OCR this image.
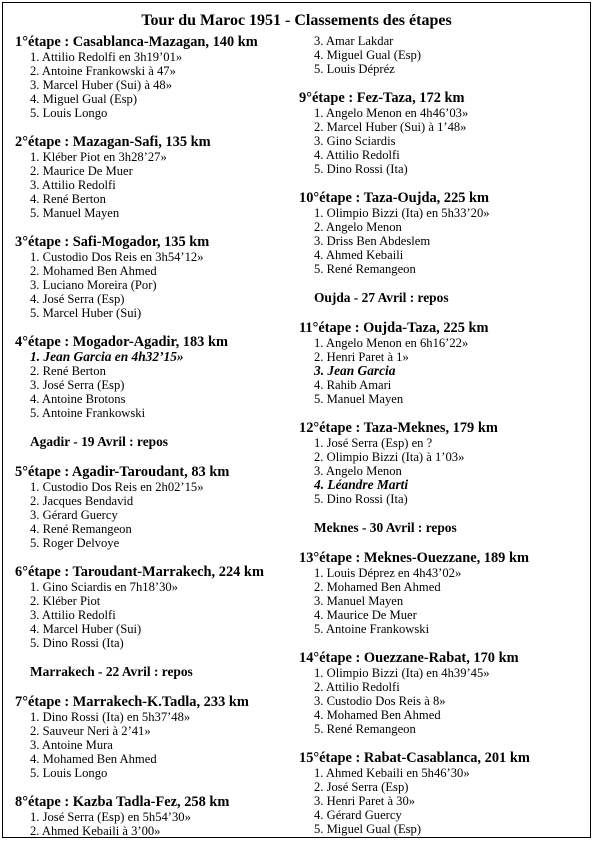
Tour du Maroc 1951 - Classements des étapes
1°étape : Casablanca-Mazagan, 140 km
1. Attilio Redolfi en 3h19’01»
2. Antoine Frankowski à 47»
3. Marcel Huber (Sui) à 48»
4. Miguel Gual (Esp)
5. Louis Longo
2°étape : Mazagan-Safi, 135 km
1. Kléber Piot en 3h28’27»
2. Maurice De Muer
3. Attilio Redolfi
4. René Berton
5. Manuel Mayen
3°étape : Safi-Mogador, 135 km
1. Custodio Dos Reis en 3h54’12»
2. Mohamed Ben Ahmed
3. Luciano Moreira (Por)
4. José Serra (Esp)
5. Marcel Huber (Sui)
4°étape : Mogador-Agadir, 183 km
1. Jean Garcia en 4h32’15»
2. René Berton
3. José Serra (Esp)
4. Antoine Brotons
5. Antoine Frankowski
Agadir - 19 Avril : repos
5°étape : Agadir-Taroudant, 83 km
1. Custodio Dos Reis en 2h02’15»
2. Jacques Bendavid
3. Gérard Guercy
4. René Remangeon
5. Roger Delvoye
6°étape : Taroudant-Marrakech, 224 km
1. Gino Sciardis en 7h18’30»
2. Kléber Piot
3. Attilio Redolfi
4. Marcel Huber (Sui)
5. Dino Rossi (Ita)
Marrakech - 22 Avril : repos
7°étape : Marrakech-K.Tadla, 233 km
1. Dino Rossi (Ita) en 5h37’48»
2. Sauveur Neri à 2’41»
3. Antoine Mura
4. Mohamed Ben Ahmed
5. Louis Longo
8°étape : Kazba Tadla-Fez, 258 km
1. José Serra (Esp) en 5h54’30»
2. Ahmed Kebaili à 3’00»
3. Amar Lakdar
4. Miguel Gual (Esp)
5. Louis Dépréz
9°étape : Fez-Taza, 172 km
1. Angelo Menon en 4h46’03»
2. Marcel Huber (Sui) à 1’48»
3. Gino Sciardis
4. Attilio Redolfi
5. Dino Rossi (Ita)
10°étape : Taza-Oujda, 225 km
1. Olimpio Bizzi (Ita) en 5h33’20»
2. Angelo Menon
3. Driss Ben Abdeslem
4. Ahmed Kebaili
5. René Remangeon
Oujda - 27 Avril : repos
11°étape : Oujda-Taza, 225 km
1. Angelo Menon en 6h16’22»
2. Henri Paret à 1»
3. Jean Garcia
4. Rahib Amari
5. Manuel Mayen
12°étape : Taza-Meknes, 179 km
1. José Serra (Esp) en ?
2. Olimpio Bizzi (Ita) à 1’03»
3. Angelo Menon
4. Léandre Marti
5. Dino Rossi (Ita)
Meknes - 30 Avril : repos
13°étape : Meknes-Ouezzane, 189 km
1. Louis Déprez en 4h43’02»
2. Mohamed Ben Ahmed
3. Manuel Mayen
4. Maurice De Muer
5. Antoine Frankowski
14°étape : Ouezzane-Rabat, 170 km
1. Olimpio Bizzi (Ita) en 4h39’45»
2. Attilio Redolfi
3. Custodio Dos Reis à 8»
4. Mohamed Ben Ahmed
5. René Remangeon
15°étape : Rabat-Casablanca, 201 km
1. Ahmed Kebaili en 5h46’30»
2. José Serra (Esp)
3. Henri Paret à 30»
4. Gérard Guercy
5. Miguel Gual (Esp)
